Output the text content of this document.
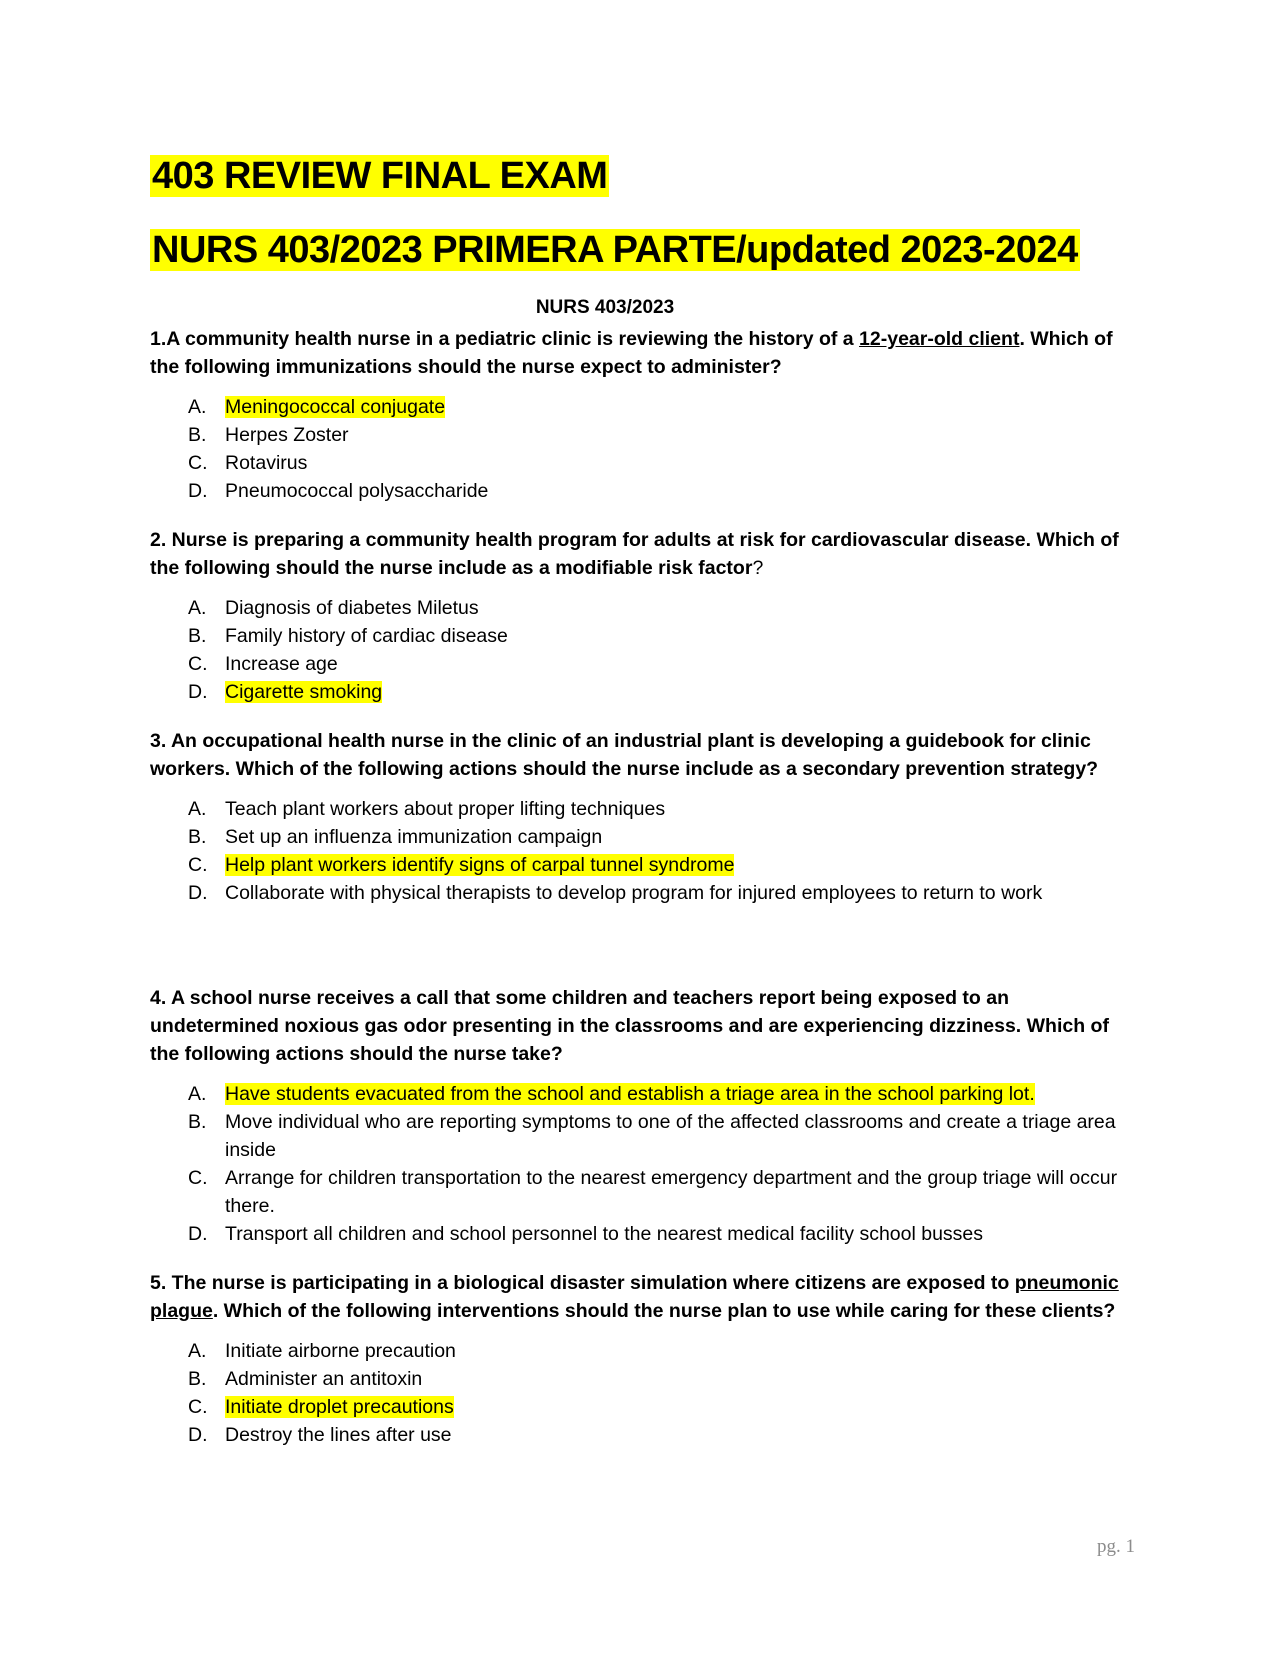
403 REVIEW FINAL EXAM
NURS 403/2023 PRIMERA PARTE/updated 2023-2024
NURS 403/2023

1.A community health nurse in a pediatric clinic is reviewing the history of a 12-year-old client. Which of the following immunizations should the nurse expect to administer?

A. Meningococcal conjugate
B. Herpes Zoster
C. Rotavirus
D. Pneumococcal polysaccharide

2. Nurse is preparing a community health program for adults at risk for cardiovascular disease. Which of the following should the nurse include as a modifiable risk factor?

A. Diagnosis of diabetes Miletus
B. Family history of cardiac disease
C. Increase age
D. Cigarette smoking

3. An occupational health nurse in the clinic of an industrial plant is developing a guidebook for clinic workers. Which of the following actions should the nurse include as a secondary prevention strategy?

A. Teach plant workers about proper lifting techniques
B. Set up an influenza immunization campaign
C. Help plant workers identify signs of carpal tunnel syndrome
D. Collaborate with physical therapists to develop program for injured employees to return to work

4. A school nurse receives a call that some children and teachers report being exposed to an undetermined noxious gas odor presenting in the classrooms and are experiencing dizziness. Which of the following actions should the nurse take?

A. Have students evacuated from the school and establish a triage area in the school parking lot.
B. Move individual who are reporting symptoms to one of the affected classrooms and create a triage area inside
C. Arrange for children transportation to the nearest emergency department and the group triage will occur there.
D. Transport all children and school personnel to the nearest medical facility school busses

5. The nurse is participating in a biological disaster simulation where citizens are exposed to pneumonic plague. Which of the following interventions should the nurse plan to use while caring for these clients?

A. Initiate airborne precaution
B. Administer an antitoxin
C. Initiate droplet precautions
D. Destroy the lines after use
pg. 1
